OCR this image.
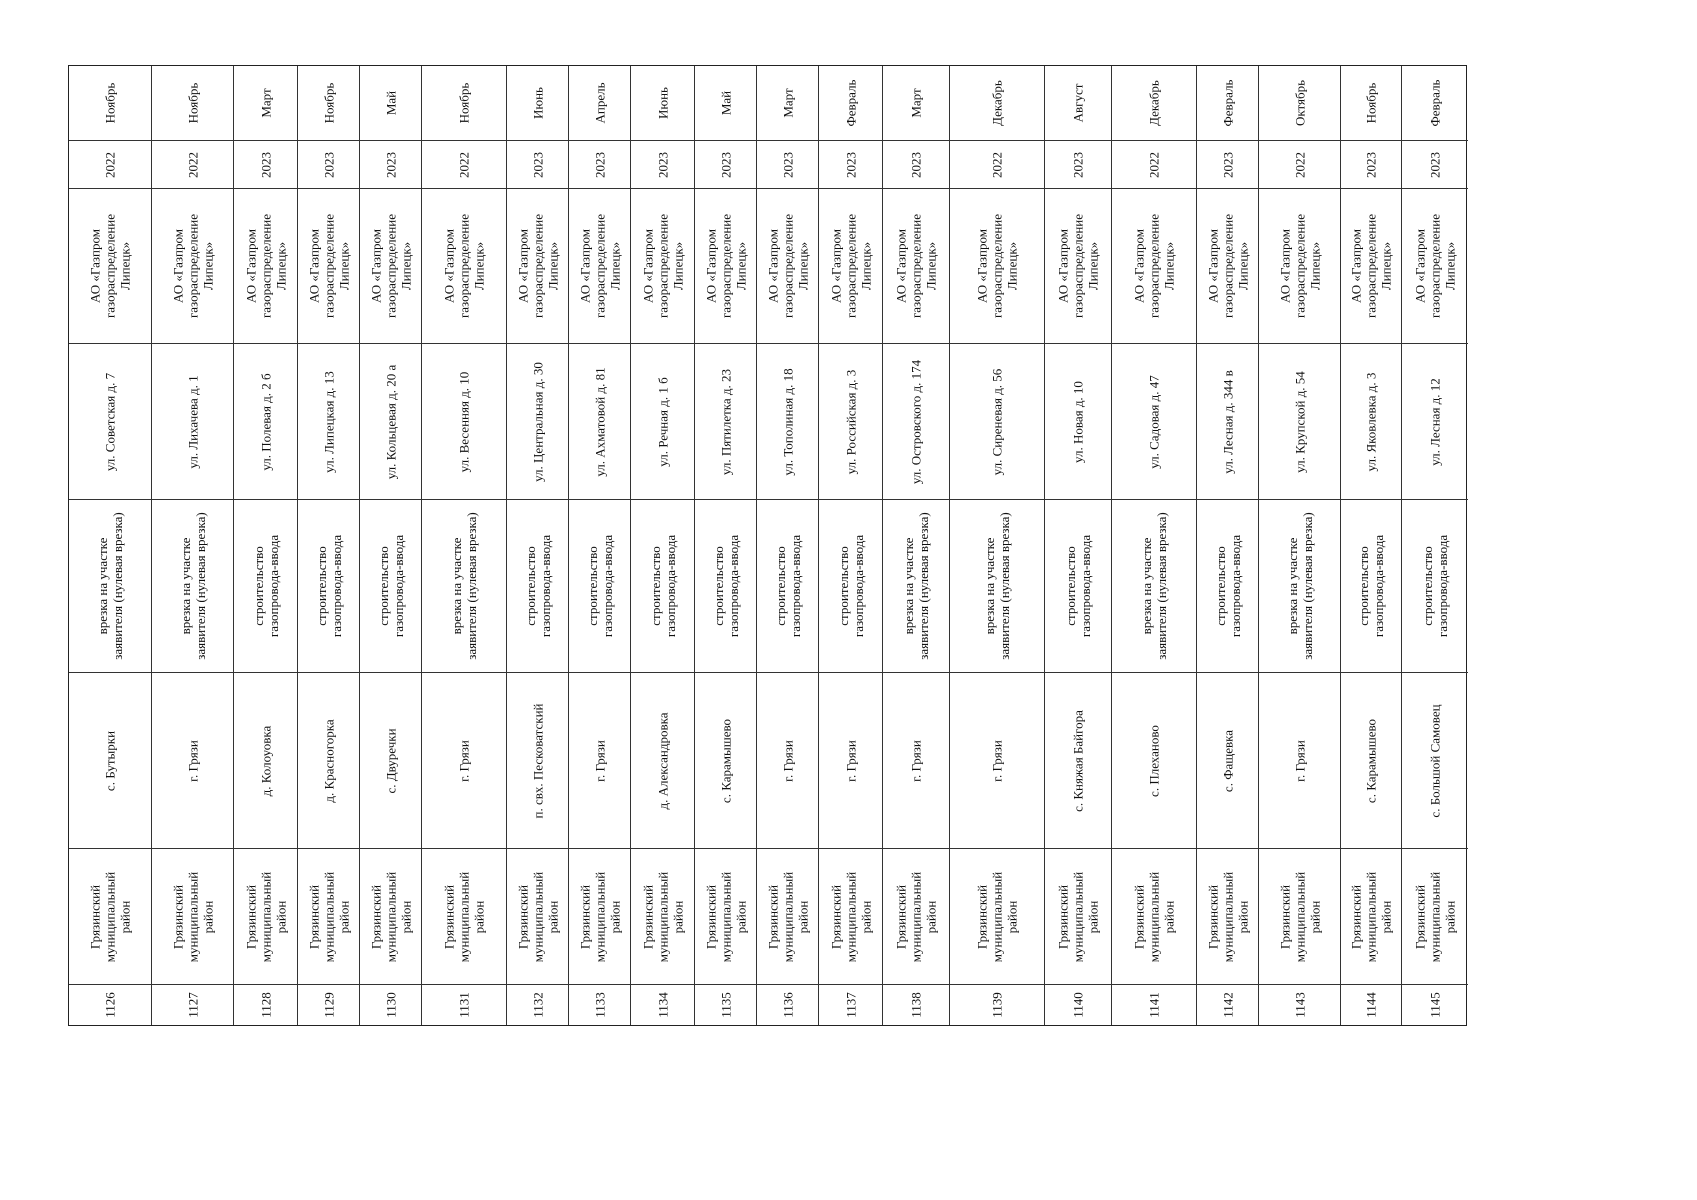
Ноябрь
2022
АО «Газпром газораспределение Липецк»
ул. Советская д. 7
врезка на участке заявителя (нулевая врезка)
с. Бутырки
Грязинский муниципальный район
1126
Ноябрь
2022
АО «Газпром газораспределение Липецк»
ул. Лихачева д. 1
врезка на участке заявителя (нулевая врезка)
г. Грязи
Грязинский муниципальный район
1127
Март
2023
АО «Газпром газораспределение Липецк»
ул. Полевая д. 2 б
строительство газопровода-ввода
д. Колоуовка
Грязинский муниципальный район
1128
Ноябрь
2023
АО «Газпром газораспределение Липецк»
ул. Липецкая д. 13
строительство газопровода-ввода
д. Красногорка
Грязинский муниципальный район
1129
Май
2023
АО «Газпром газораспределение Липецк»
ул. Кольцевая д. 20 а
строительство газопровода-ввода
с. Двуречки
Грязинский муниципальный район
1130
Ноябрь
2022
АО «Газпром газораспределение Липецк»
ул. Весенняя д. 10
врезка на участке заявителя (нулевая врезка)
г. Грязи
Грязинский муниципальный район
1131
Июнь
2023
АО «Газпром газораспределение Липецк»
ул. Центральная д. 30
строительство газопровода-ввода
п. свх. Песковатский
Грязинский муниципальный район
1132
Апрель
2023
АО «Газпром газораспределение Липецк»
ул. Ахматовой д. 81
строительство газопровода-ввода
г. Грязи
Грязинский муниципальный район
1133
Июнь
2023
АО «Газпром газораспределение Липецк»
ул. Речная д. 1 б
строительство газопровода-ввода
д. Александровка
Грязинский муниципальный район
1134
Май
2023
АО «Газпром газораспределение Липецк»
ул. Пятилетка д. 23
строительство газопровода-ввода
с. Карамышево
Грязинский муниципальный район
1135
Март
2023
АО «Газпром газораспределение Липецк»
ул. Тополиная д. 18
строительство газопровода-ввода
г. Грязи
Грязинский муниципальный район
1136
Февраль
2023
АО «Газпром газораспределение Липецк»
ул. Российская д. 3
строительство газопровода-ввода
г. Грязи
Грязинский муниципальный район
1137
Март
2023
АО «Газпром газораспределение Липецк»
ул. Островского д. 174
врезка на участке заявителя (нулевая врезка)
г. Грязи
Грязинский муниципальный район
1138
Декабрь
2022
АО «Газпром газораспределение Липецк»
ул. Сиреневая д. 56
врезка на участке заявителя (нулевая врезка)
г. Грязи
Грязинский муниципальный район
1139
Август
2023
АО «Газпром газораспределение Липецк»
ул. Новая д. 10
строительство газопровода-ввода
с. Княжая Байгора
Грязинский муниципальный район
1140
Декабрь
2022
АО «Газпром газораспределение Липецк»
ул. Садовая д. 47
врезка на участке заявителя (нулевая врезка)
с. Плеханово
Грязинский муниципальный район
1141
Февраль
2023
АО «Газпром газораспределение Липецк»
ул. Лесная д. 344 в
строительство газопровода-ввода
с. Фащевка
Грязинский муниципальный район
1142
Октябрь
2022
АО «Газпром газораспределение Липецк»
ул. Крупской д. 54
врезка на участке заявителя (нулевая врезка)
г. Грязи
Грязинский муниципальный район
1143
Ноябрь
2023
АО «Газпром газораспределение Липецк»
ул. Яковлевка д. 3
строительство газопровода-ввода
с. Карамышево
Грязинский муниципальный район
1144
Февраль
2023
АО «Газпром газораспределение Липецк»
ул. Лесная д. 12
строительство газопровода-ввода
с. Большой Самовец
Грязинский муниципальный район
1145
